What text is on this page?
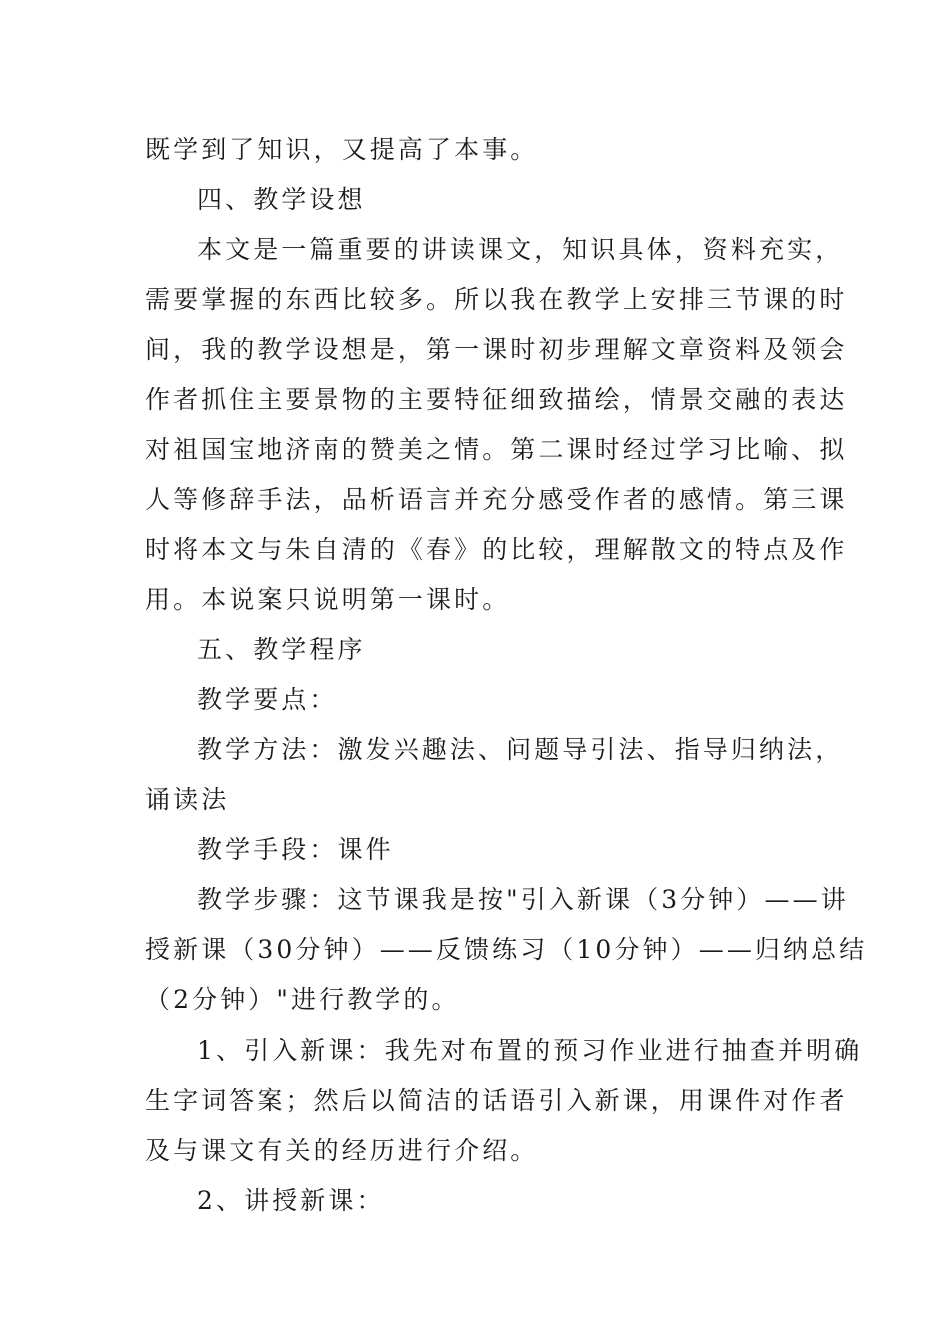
既学到了知识，又提高了本事。
四、教学设想
本文是一篇重要的讲读课文，知识具体，资料充实，
需要掌握的东西比较多。所以我在教学上安排三节课的时
间，我的教学设想是，第一课时初步理解文章资料及领会
作者抓住主要景物的主要特征细致描绘，情景交融的表达
对祖国宝地济南的赞美之情。第二课时经过学习比喻、拟
人等修辞手法，品析语言并充分感受作者的感情。第三课
时将本文与朱自清的《春》的比较，理解散文的特点及作
用。本说案只说明第一课时。
五、教学程序
教学要点：
教学方法：激发兴趣法、问题导引法、指导归纳法，
诵读法
教学手段：课件
教学步骤：这节课我是按"引入新课（3分钟）——讲
授新课（30分钟）——反馈练习（10分钟）——归纳总结
（2分钟）"进行教学的。
1、引入新课：我先对布置的预习作业进行抽查并明确
生字词答案；然后以简洁的话语引入新课，用课件对作者
及与课文有关的经历进行介绍。
2、讲授新课：
